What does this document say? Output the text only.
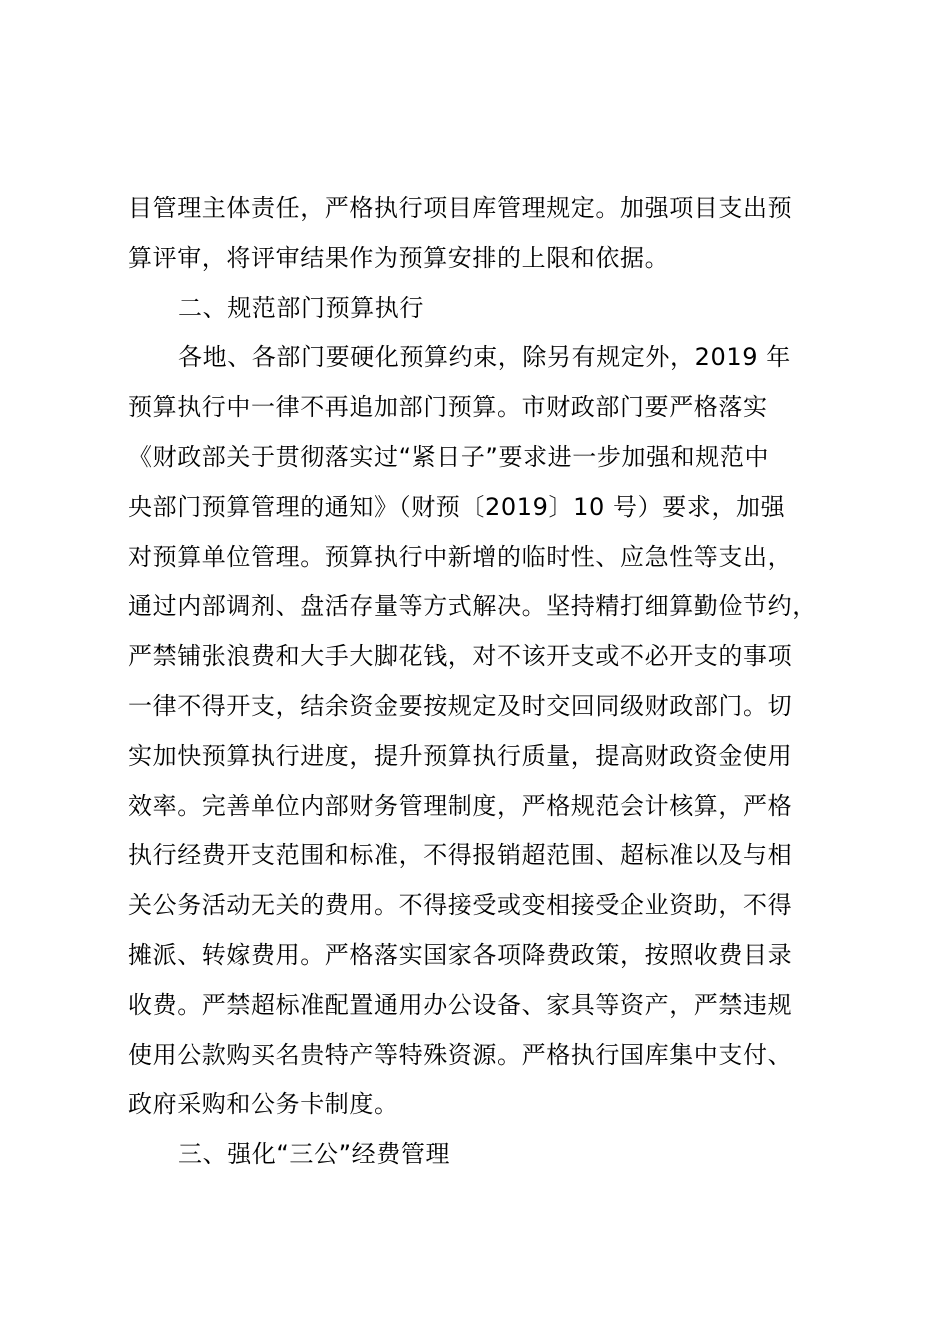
目管理主体责任，严格执行项目库管理规定。加强项目支出预
算评审，将评审结果作为预算安排的上限和依据。
二、规范部门预算执行
各地、各部门要硬化预算约束，除另有规定外，2019 年
预算执行中一律不再追加部门预算。市财政部门要严格落实
《财政部关于贯彻落实过“紧日子”要求进一步加强和规范中
央部门预算管理的通知》（财预〔2019〕10 号）要求，加强
对预算单位管理。预算执行中新增的临时性、应急性等支出，
通过内部调剂、盘活存量等方式解决。坚持精打细算勤俭节约，
严禁铺张浪费和大手大脚花钱，对不该开支或不必开支的事项
一律不得开支，结余资金要按规定及时交回同级财政部门。切
实加快预算执行进度，提升预算执行质量，提高财政资金使用
效率。完善单位内部财务管理制度，严格规范会计核算，严格
执行经费开支范围和标准，不得报销超范围、超标准以及与相
关公务活动无关的费用。不得接受或变相接受企业资助，不得
摊派、转嫁费用。严格落实国家各项降费政策，按照收费目录
收费。严禁超标准配置通用办公设备、家具等资产，严禁违规
使用公款购买名贵特产等特殊资源。严格执行国库集中支付、
政府采购和公务卡制度。
三、强化“三公”经费管理
